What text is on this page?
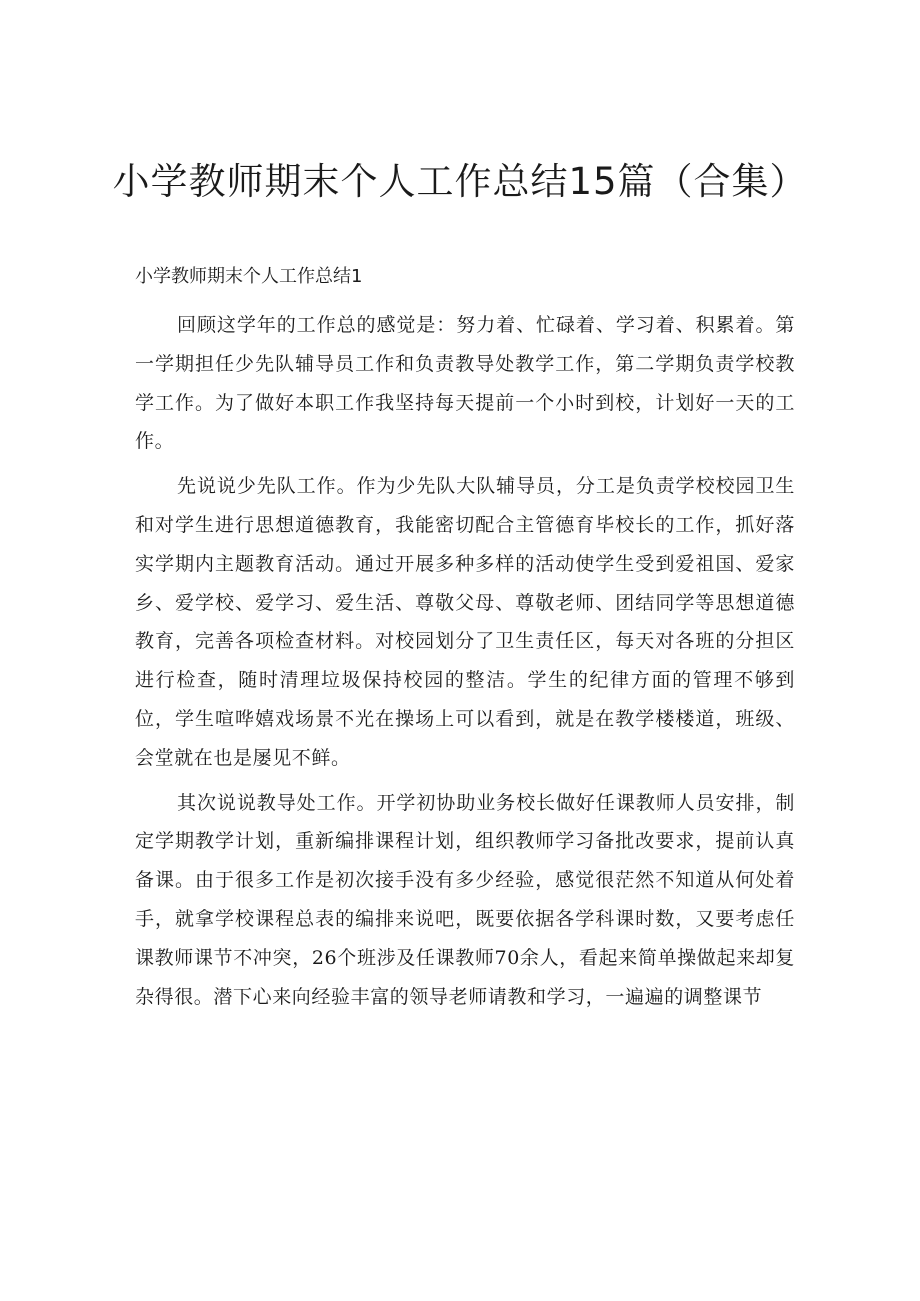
小学教师期末个人工作总结15篇（合集）
小学教师期末个人工作总结1

回顾这学年的工作总的感觉是：努力着、忙碌着、学习着、积累着。第一学期担任少先队辅导员工作和负责教导处教学工作，第二学期负责学校教学工作。为了做好本职工作我坚持每天提前一个小时到校，计划好一天的工作。

先说说少先队工作。作为少先队大队辅导员，分工是负责学校校园卫生和对学生进行思想道德教育，我能密切配合主管德育毕校长的工作，抓好落实学期内主题教育活动。通过开展多种多样的活动使学生受到爱祖国、爱家乡、爱学校、爱学习、爱生活、尊敬父母、尊敬老师、团结同学等思想道德教育，完善各项检查材料。对校园划分了卫生责任区，每天对各班的分担区进行检查，随时清理垃圾保持校园的整洁。学生的纪律方面的管理不够到位，学生喧哗嬉戏场景不光在操场上可以看到，就是在教学楼楼道，班级、会堂就在也是屡见不鲜。

其次说说教导处工作。开学初协助业务校长做好任课教师人员安排，制定学期教学计划，重新编排课程计划，组织教师学习备批改要求，提前认真备课。由于很多工作是初次接手没有多少经验，感觉很茫然不知道从何处着手，就拿学校课程总表的编排来说吧，既要依据各学科课时数，又要考虑任课教师课节不冲突，26个班涉及任课教师70余人，看起来简单操做起来却复杂得很。潜下心来向经验丰富的领导老师请教和学习，一遍遍的调整课节
